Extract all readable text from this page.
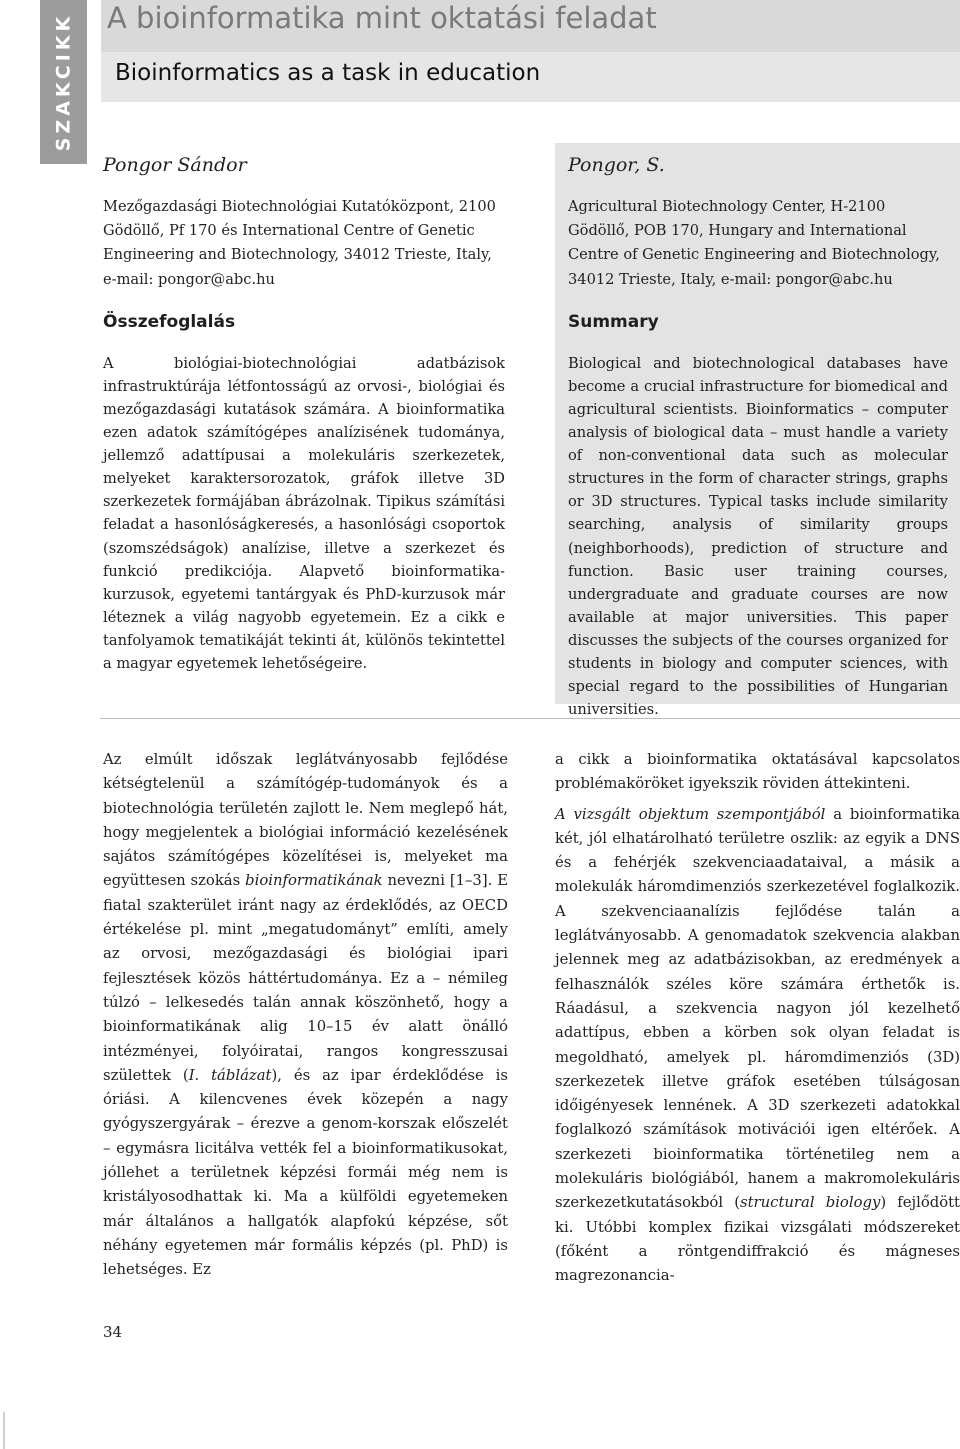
SZAKCIKK A bioinformatika mint oktatási feladat
Bioinformatics as a task in education

Pongor Sándor

Mezőgazdasági Biotechnológiai Kutatóközpont, 2100 Gödöllő, Pf 170 és International Centre of Genetic Engineering and Biotechnology, 34012 Trieste, Italy, e-mail: pongor@abc.hu

Összefoglalás

A biológiai-biotechnológiai adatbázisok infrastruktúrája létfontosságú az orvosi-, biológiai és mezőgazdasági kutatások számára. A bioinformatika ezen adatok számítógépes analízisének tudománya, jellemző adattípusai a molekuláris szerkezetek, melyeket karaktersorozatok, gráfok illetve 3D szerkezetek formájában ábrázolnak. Tipikus számítási feladat a hasonlóságkeresés, a hasonlósági csoportok (szomszédságok) analízise, illetve a szerkezet és funkció predikciója. Alapvető bioinformatika-kurzusok, egyetemi tantárgyak és PhD-kurzusok már léteznek a világ nagyobb egyetemein. Ez a cikk e tanfolyamok tematikáját tekinti át, különös tekintettel a magyar egyetemek lehetőségeire.

Pongor, S.

Agricultural Biotechnology Center, H-2100 Gödöllő, POB 170, Hungary and International Centre of Genetic Engineering and Biotechnology, 34012 Trieste, Italy, e-mail: pongor@abc.hu

Summary

Biological and biotechnological databases have become a crucial infrastructure for biomedical and agricultural scientists. Bioinformatics – computer analysis of biological data – must handle a variety of non-conventional data such as molecular structures in the form of character strings, graphs or 3D structures. Typical tasks include similarity searching, analysis of similarity groups (neighborhoods), prediction of structure and function. Basic user training courses, undergraduate and graduate courses are now available at major universities. This paper discusses the subjects of the courses organized for students in biology and computer sciences, with special regard to the possibilities of Hungarian universities.

Az elmúlt időszak leglátványosabb fejlődése kétségtelenül a számítógép-tudományok és a biotechnológia területén zajlott le. Nem meglepő hát, hogy megjelentek a biológiai információ kezelésének sajátos számítógépes közelítései is, melyeket ma együttesen szokás bioinformatikának nevezni [1–3]. E fiatal szakterület iránt nagy az érdeklődés, az OECD értékelése pl. mint „megatudományt” említi, amely az orvosi, mezőgazdasági és biológiai ipari fejlesztések közös háttértudománya. Ez a – némileg túlzó – lelkesedés talán annak köszönhető, hogy a bioinformatikának alig 10–15 év alatt önálló intézményei, folyóiratai, rangos kongresszusai születtek (I. táblázat), és az ipar érdeklődése is óriási. A kilencvenes évek közepén a nagy gyógyszergyárak – érezve a genom-korszak előszelét – egymásra licitálva vették fel a bioinformatikusokat, jóllehet a területnek képzési formái még nem is kristályosodhattak ki. Ma a külföldi egyetemeken már általános a hallgatók alapfokú képzése, sőt néhány egyetemen már formális képzés (pl. PhD) is lehetséges. Ez

a cikk a bioinformatika oktatásával kapcsolatos problémaköröket igyekszik röviden áttekinteni.

A vizsgált objektum szempontjából a bioinformatika két, jól elhatárolható területre oszlik: az egyik a DNS és a fehérjék szekvenciaadataival, a másik a molekulák háromdimenziós szerkezetével foglalkozik. A szekvenciaanalízis fejlődése talán a leglátványosabb. A genomadatok szekvencia alakban jelennek meg az adatbázisokban, az eredmények a felhasználók széles köre számára érthetők is. Ráadásul, a szekvencia nagyon jól kezelhető adattípus, ebben a körben sok olyan feladat is megoldható, amelyek pl. háromdimenziós (3D) szerkezetek illetve gráfok esetében túlságosan időigényesek lennének. A 3D szerkezeti adatokkal foglalkozó számítások motivációi igen eltérőek. A szerkezeti bioinformatika történetileg nem a molekuláris biológiából, hanem a makromolekuláris szerkezetkutatásokból (structural biology) fejlődött ki. Utóbbi komplex fizikai vizsgálati módszereket (főként a röntgendiffrakció és mágneses magrezonancia-

34
